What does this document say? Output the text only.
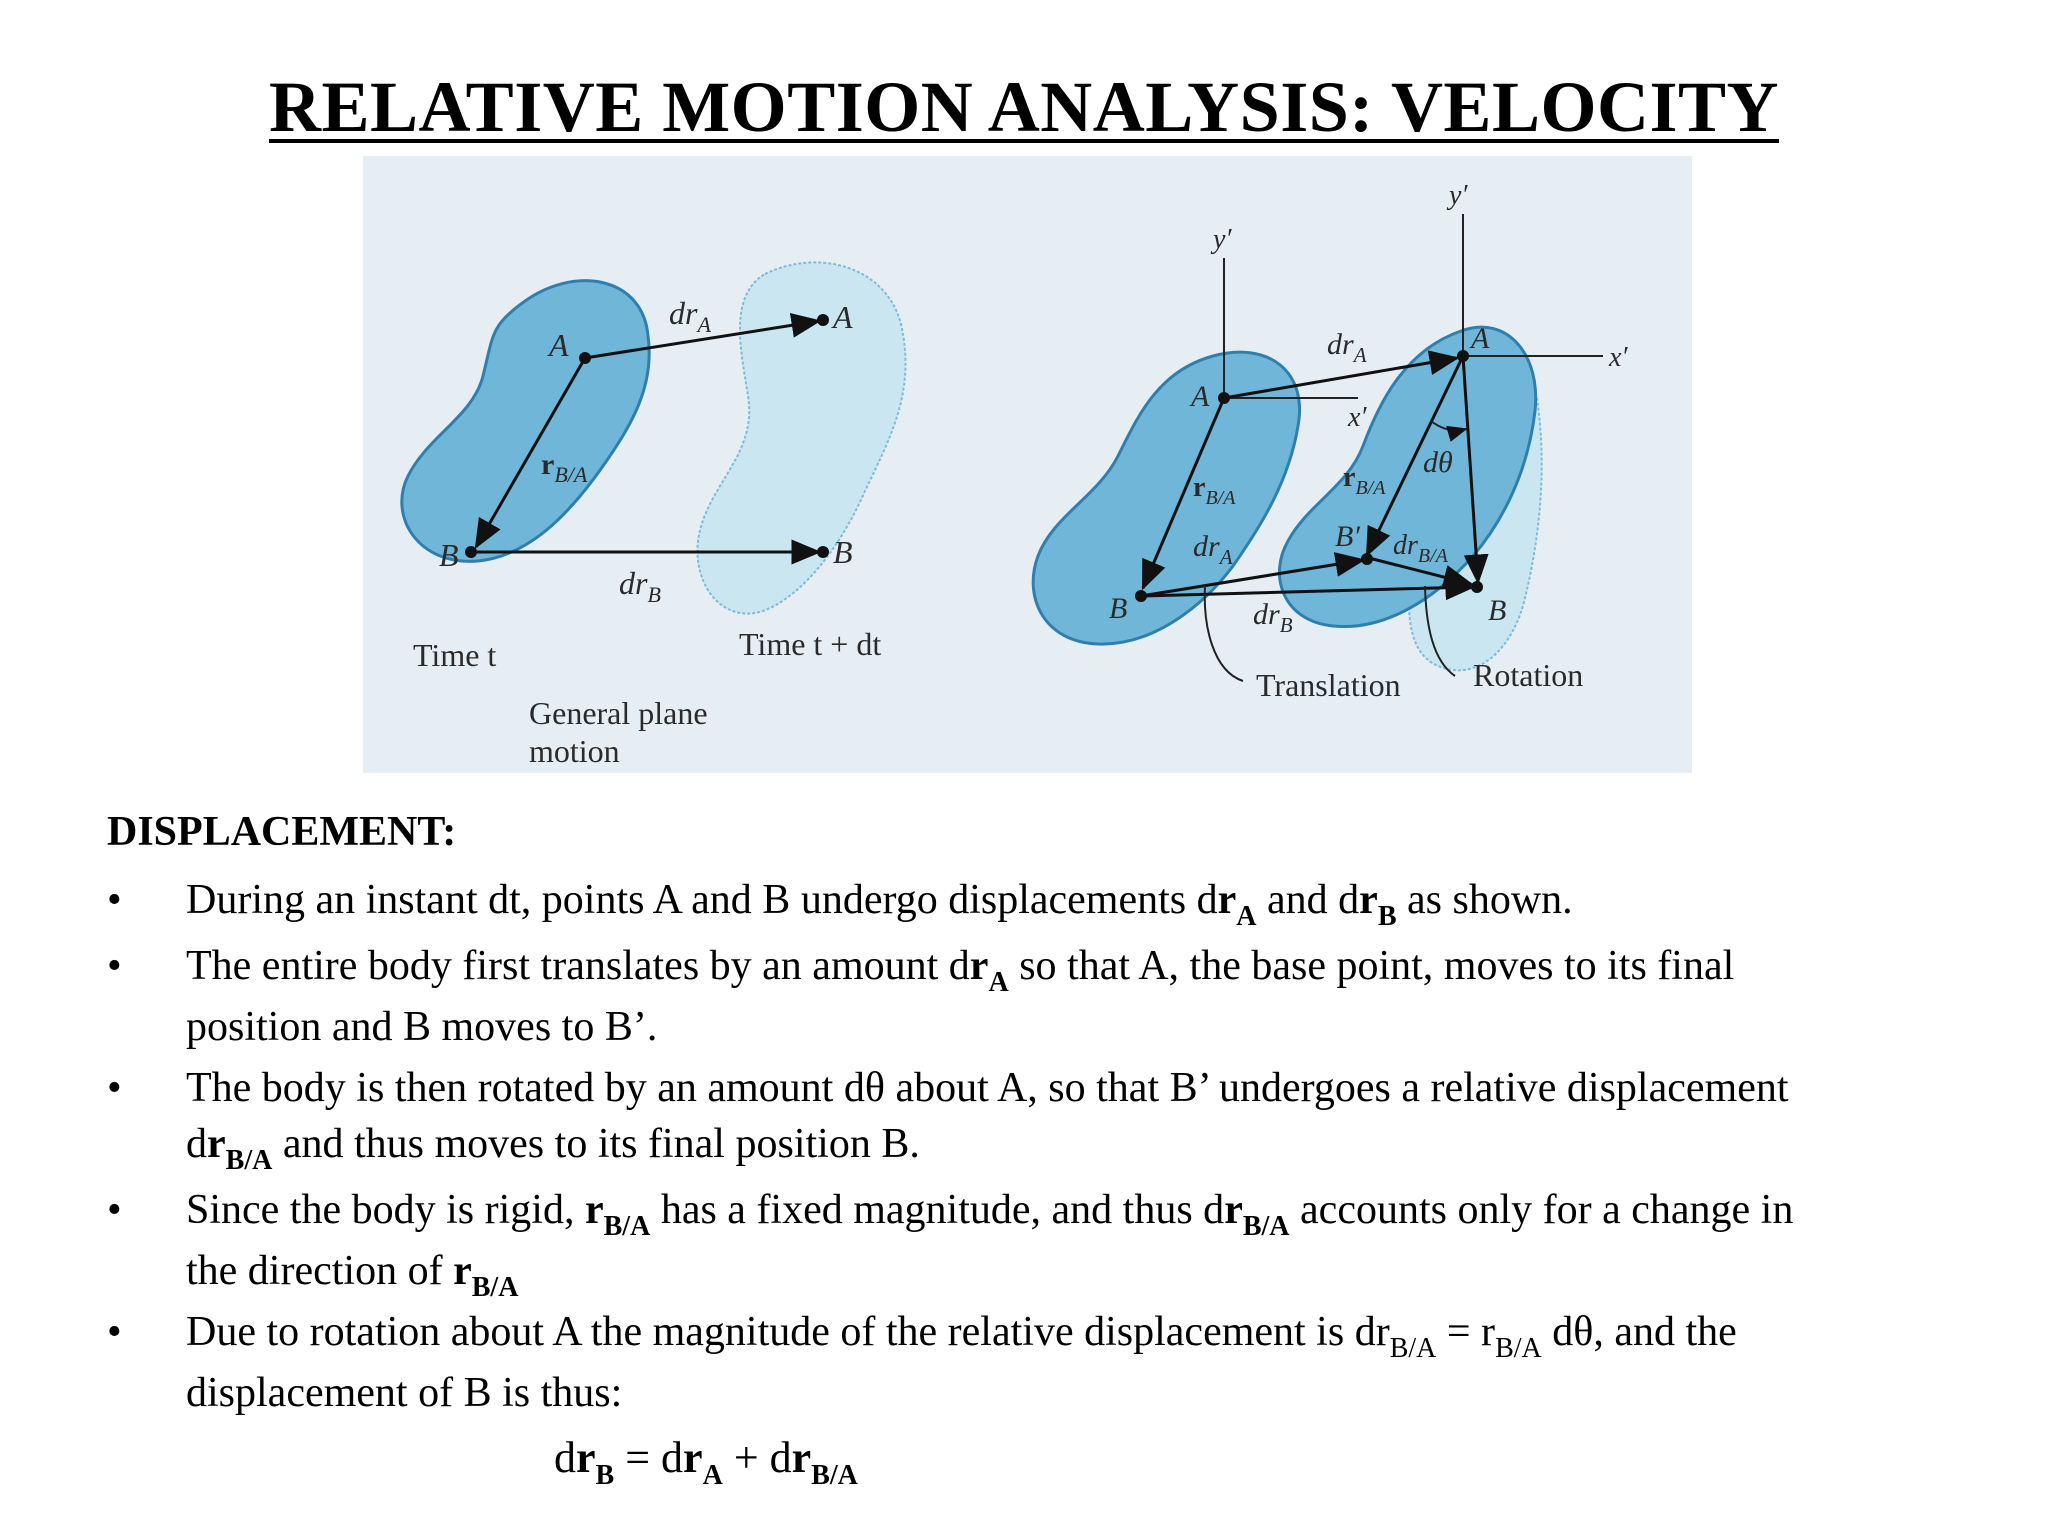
RELATIVE MOTION ANALYSIS: VELOCITY
A
B
A
B
$dr_A$
$dr_B$
$r_{B/A}$
Time t	Time t + dt
General plane
motion
y′
y′
x′
x′
A
A
B	B
B′
$dr_A$
$dr_A$
$dr_B$
$r_{B/A}$
$r_{B/A}$
$dr_{B/A}$
dθ
Translation Rotation
DISPLACEMENT:
•	During an instant dt, points A and B undergo displacements $dr_A$ and $dr_B$ as shown.
•	The entire body first translates by an amount $dr_A$ so that A, the base point, moves to its final
position and B moves to B’.
•	The body is then rotated by an amount dθ about A, so that B’ undergoes a relative displacement
$dr_{B/A}$ and thus moves to its final position B.
•	Since the body is rigid, $r_{B/A}$ has a fixed magnitude, and thus $dr_{B/A}$ accounts only for a change in
the direction of $r_{B/A}$
•	Due to rotation about A the magnitude of the relative displacement is $dr_{B/A} = r_{B/A}$ dθ, and the
displacement of B is thus:
$dr_B = dr_A + dr_{B/A}$
